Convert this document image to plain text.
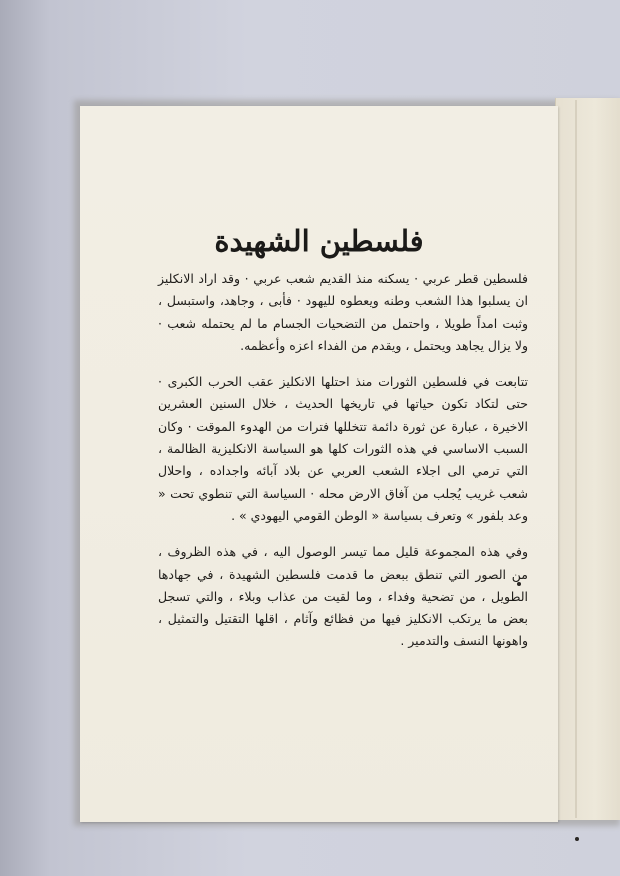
فلسطين الشهيدة

فلسطين قطر عربي · يسكنه منذ القديم شعب عربي · وقد اراد الانكليز ان يسلبوا هذا الشعب وطنه ويعطوه لليهود · فأبى ، وجاهد، واستبسل ، وثبت امداً طويلا ، واحتمل من التضحيات الجسام ما لم يحتمله شعب · ولا يزال يجاهد ويحتمل ، ويقدم من الفداء اعزه وأعظمه.

تتابعت في فلسطين الثورات منذ احتلها الانكليز عقب الحرب الكبرى · حتى لتكاد تكون حياتها في تاريخها الحديث ، خلال السنين العشرين الاخيرة ، عبارة عن ثورة دائمة تتخللها فترات من الهدوء الموقت · وكان السبب الاساسي في هذه الثورات كلها هو السياسة الانكليزية الظالمة ، التي ترمي الى اجلاء الشعب العربي عن بلاد آبائه واجداده ، واحلال شعب غريب يُجلب من آفاق الارض محله · السياسة التي تنطوي تحت « وعد بلفور » وتعرف بسياسة « الوطن القومي اليهودي » .

وفي هذه المجموعة قليل مما تيسر الوصول اليه ، في هذه الظروف ، من الصور التي تنطق ببعض ما قدمت فلسطين الشهيدة ، في جهادها الطويل ، من تضحية وفداء ، وما لقيت من عذاب وبلاء ، والتي تسجل بعض ما يرتكب الانكليز فيها من فظائع وآثام ، اقلها التقتيل والتمثيل ، واهونها النسف والتدمير .
